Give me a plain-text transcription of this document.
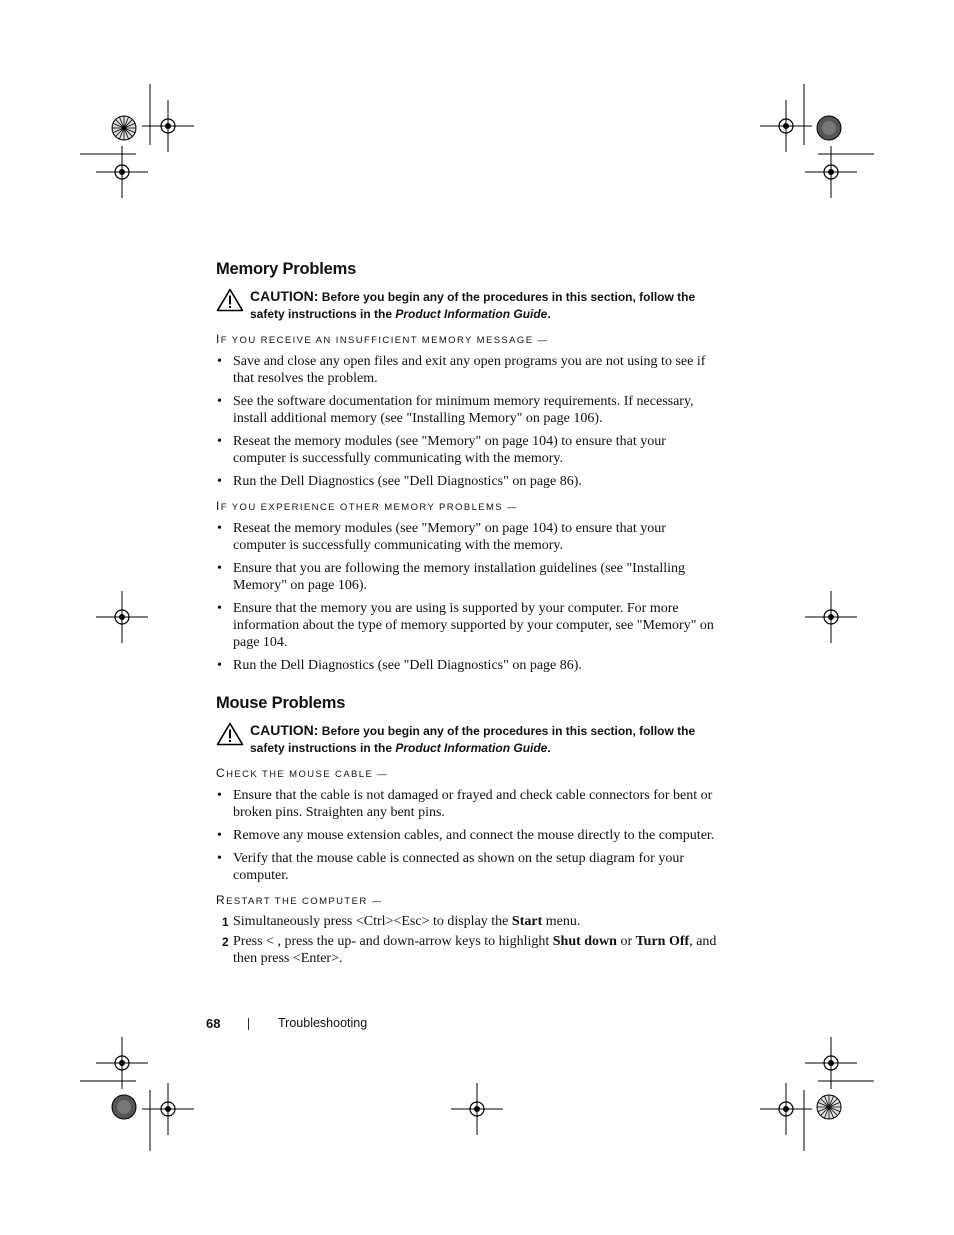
Memory Problems
CAUTION: Before you begin any of the procedures in this section, follow the safety instructions in the Product Information Guide.
IF YOU RECEIVE AN INSUFFICIENT MEMORY MESSAGE —
• Save and close any open files and exit any open programs you are not using to see if that resolves the problem.
• See the software documentation for minimum memory requirements. If necessary, install additional memory (see "Installing Memory" on page 106).
• Reseat the memory modules (see "Memory" on page 104) to ensure that your computer is successfully communicating with the memory.
• Run the Dell Diagnostics (see "Dell Diagnostics" on page 86).
IF YOU EXPERIENCE OTHER MEMORY PROBLEMS —
• Reseat the memory modules (see "Memory" on page 104) to ensure that your computer is successfully communicating with the memory.
• Ensure that you are following the memory installation guidelines (see "Installing Memory" on page 106).
• Ensure that the memory you are using is supported by your computer. For more information about the type of memory supported by your computer, see "Memory" on page 104.
• Run the Dell Diagnostics (see "Dell Diagnostics" on page 86).
Mouse Problems
CAUTION: Before you begin any of the procedures in this section, follow the safety instructions in the Product Information Guide.
CHECK THE MOUSE CABLE —
• Ensure that the cable is not damaged or frayed and check cable connectors for bent or broken pins. Straighten any bent pins.
• Remove any mouse extension cables, and connect the mouse directly to the computer.
• Verify that the mouse cable is connected as shown on the setup diagram for your computer.
RESTART THE COMPUTER —
1 Simultaneously press <Ctrl><Esc> to display the Start menu.
2 Press < , press the up- and down-arrow keys to highlight Shut down or Turn Off, and then press <Enter>.
68	Troubleshooting
